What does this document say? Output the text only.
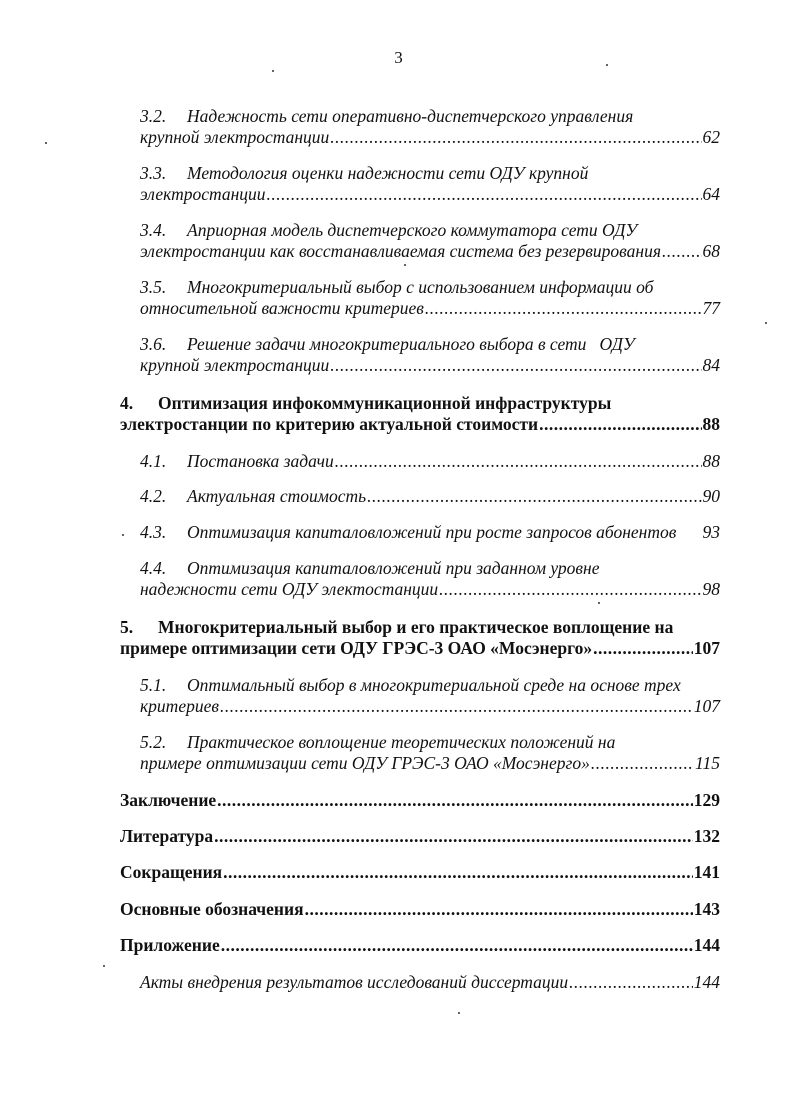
3
3.2. Надежность сети оперативно-диспетчерского управления
крупной электростанции .....	62
3.3. Методология оценки надежности сети ОДУ крупной
электростанции .....	64
3.4. Априорная модель диспетчерского коммутатора сети ОДУ
электростанции как восстанавливаемая система без резервирования ..... 68
3.5. Многокритериальный выбор с использованием информации об
относительной важности критериев .....	77
3.6. Решение задачи многокритериального выбора в сети   ОДУ
крупной электростанции .....	84
4. Оптимизация инфокоммуникационной инфраструктуры
электростанции по критерию актуальной стоимости .....	88
4.1. Постановка задачи .....	88
4.2. Актуальная стоимость .....	90
4.3. Оптимизация капиталовложений при росте запросов абонентов 93
4.4. Оптимизация капиталовложений при заданном уровне
надежности сети ОДУ электостанции .....	98
5. Многокритериальный выбор и его практическое воплощение на
примере оптимизации сети ОДУ ГРЭС-3 ОАО «Мосэнерго» .....	107
5.1. Оптимальный выбор в многокритериальной среде на основе трех
критериев .....	107
5.2. Практическое воплощение теоретических положений на
примере оптимизации сети ОДУ ГРЭС-3 ОАО «Мосэнерго» .....	115
Заключение .....	129
Литература .....	132
Сокращения .....	141
Основные обозначения .....	143
Приложение .....	144
Акты внедрения результатов исследований диссертации .....	144
